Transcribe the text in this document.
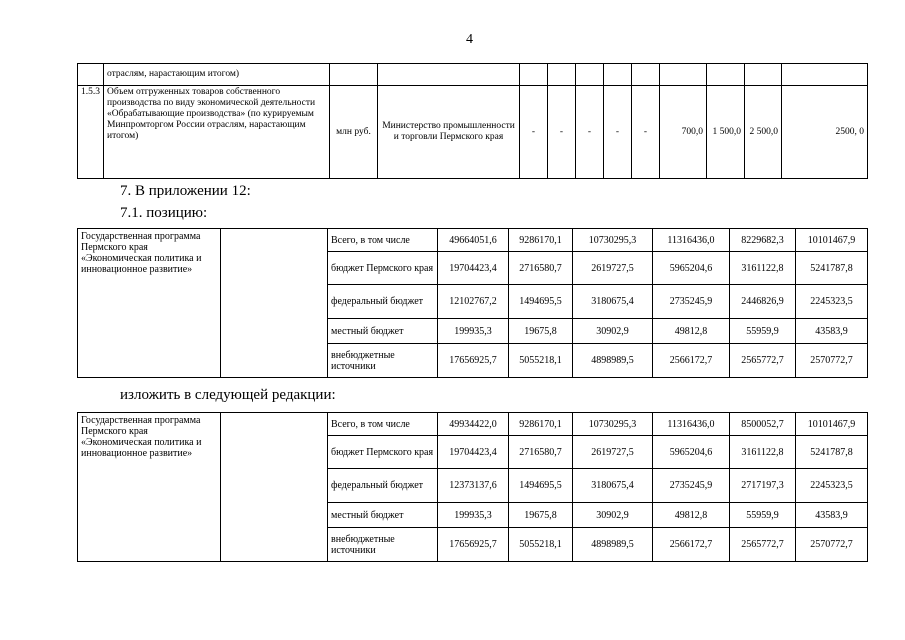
4
	отраслям, нарастающим итогом)											
1.5.3	Объем отгруженных товаров собственного производства по виду экономической деятельности «Обрабатывающие производства» (по курируемым Минпромторгом России отраслям, нарастающим итогом)	млн руб.	Министерство промышленности и торговли Пермского края	-	-	-	-	-	700,0	1 500,0	2 500,0	2500, 0
7. В приложении 12:
7.1. позицию:
Государственная программа Пермского края «Экономическая политика и инновационное развитие»		Всего, в том числе	49664051,6	9286170,1	10730295,3	11316436,0	8229682,3	10101467,9
		бюджет Пермского края	19704423,4	2716580,7	2619727,5	5965204,6	3161122,8	5241787,8
		федеральный бюджет	12102767,2	1494695,5	3180675,4	2735245,9	2446826,9	2245323,5
		местный бюджет	199935,3	19675,8	30902,9	49812,8	55959,9	43583,9
		внебюджетные источники	17656925,7	5055218,1	4898989,5	2566172,7	2565772,7	2570772,7
изложить в следующей редакции:
Государственная программа Пермского края «Экономическая политика и инновационное развитие»		Всего, в том числе	49934422,0	9286170,1	10730295,3	11316436,0	8500052,7	10101467,9
		бюджет Пермского края	19704423,4	2716580,7	2619727,5	5965204,6	3161122,8	5241787,8
		федеральный бюджет	12373137,6	1494695,5	3180675,4	2735245,9	2717197,3	2245323,5
		местный бюджет	199935,3	19675,8	30902,9	49812,8	55959,9	43583,9
		внебюджетные источники	17656925,7	5055218,1	4898989,5	2566172,7	2565772,7	2570772,7
